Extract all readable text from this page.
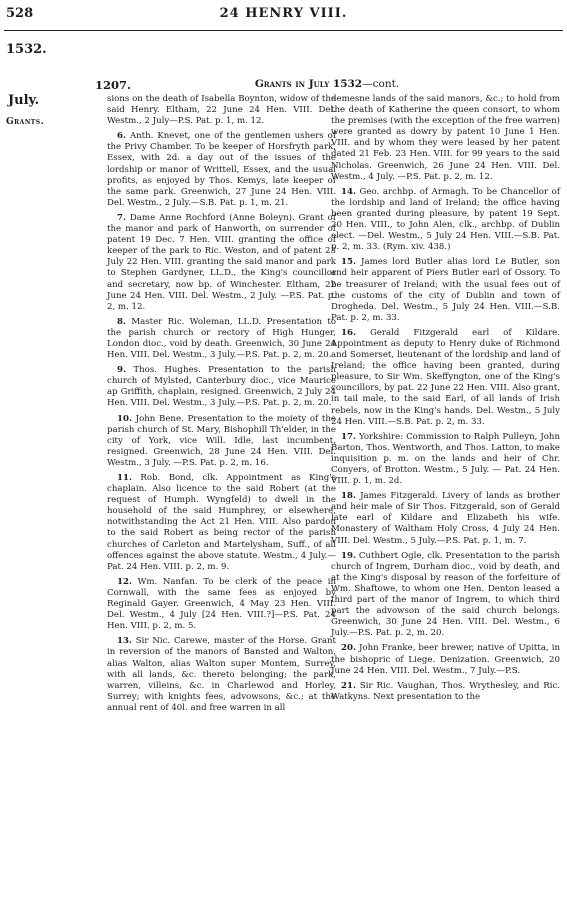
528	24 HENRY VIII.
1532.
July.
Grants.
1207.	Grants in July 1532—cont.

sions on the death of Isabella Boynton, widow of the said Henry. Eltham, 22 June 24 Hen. VIII. Del. Westm., 2 July—P.S. Pat. p. 1, m. 12.

6. Anth. Knevet, one of the gentlemen ushers of the Privy Chamber. To be keeper of Horsfryth park, Essex, with 2d. a day out of the issues of the lordship or manor of Writtell, Essex, and the usual profits, as enjoyed by Thos. Kemys, late keeper of the same park. Greenwich, 27 June 24 Hen. VIII. Del. Westm., 2 July.—S.B. Pat. p. 1, m. 21.

7. Dame Anne Rochford (Anne Boleyn). Grant of the manor and park of Hanworth, on surrender of patent 19 Dec. 7 Hen. VIII. granting the office of keeper of the park to Ric. Weston, and of patent 23 July 22 Hen. VIII. granting the said manor and park to Stephen Gardyner, LL.D., the King's councillor and secretary, now bp. of Winchester. Eltham, 22 June 24 Hen. VIII. Del. Westm., 2 July. —P.S. Pat. p. 2, m. 12.

8. Master Ric. Woleman, LL.D. Presentation to the parish church or rectory of High Hunger, London dioc., void by death. Greenwich, 30 June 24 Hen. VIII. Del. Westm., 3 July.—P.S. Pat. p. 2, m. 20.

9. Thos. Hughes. Presentation to the parish church of Mylsted, Canterbury dioc., vice Maurice ap Griffith, chaplain, resigned. Greenwich, 2 July 24 Hen. VIII. Del. Westm., 3 July.—P.S. Pat. p. 2, m. 20.

10. John Bene. Presentation to the moiety of the parish church of St. Mary, Bishophill Th'elder, in the city of York, vice Will. Idle, last incumbent, resigned. Greenwich, 28 June 24 Hen. VIII. Del. Westm., 3 July. —P.S. Pat. p. 2, m. 16.

11. Rob. Bond, clk. Appointment as King's chaplain. Also licence to the said Robert (at the request of Humph. Wyngfeld) to dwell in the household of the said Humphrey, or elsewhere, notwithstanding the Act 21 Hen. VIII. Also pardon to the said Robert as being rector of the parish churches of Carleton and Martelysham, Suff., of all offences against the above statute. Westm., 4 July.—Pat. 24 Hen. VIII. p. 2, m. 9.

12. Wm. Nanfan. To be clerk of the peace in Cornwall, with the same fees as enjoyed by Reginald Gayer. Greenwich, 4 May 23 Hen. VIII. Del. Westm., 4 July [24 Hen. VIII.?]—P.S. Pat. 24 Hen. VIII. p. 2, m. 5.

13. Sir Nic. Carewe, master of the Horse. Grant in reversion of the manors of Bansted and Walton, alias Walton, alias Walton super Montem, Surrey, with all lands, &c. thereto belonging; the park, warren, villeins, &c. in Charlewod and Horley, Surrey; with knights fees, advowsons, &c.; at the annual rent of 40l. and free warren in all

demesne lands of the said manors, &c.; to hold from the death of Katherine the queen consort, to whom the premises (with the exception of the free warren) were granted as dowry by patent 10 June 1 Hen. VIII. and by whom they were leased by her patent dated 21 Feb. 23 Hen. VIII. for 99 years to the said Nicholas. Greenwich, 26 June 24 Hen. VIII. Del. Westm., 4 July. —P.S. Pat. p. 2, m. 12.

14. Geo. archbp. of Armagh. To be Chancellor of the lordship and land of Ireland; the office having been granted during pleasure, by patent 19 Sept. 20 Hen. VIII., to John Alen, clk., archbp. of Dublin elect. —Del. Westm., 5 July 24 Hen. VIII.—S.B. Pat. p. 2, m. 33. (Rym. xiv. 438.)

15. James lord Butler alias lord Le Butler, son and heir apparent of Piers Butler earl of Ossory. To be treasurer of Ireland; with the usual fees out of the customs of the city of Dublin and town of Drogheda. Del. Westm., 5 July 24 Hen. VIII.—S.B. Pat. p. 2, m. 33.

16. Gerald Fitzgerald earl of Kildare. Appointment as deputy to Henry duke of Richmond and Somerset, lieutenant of the lordship and land of Ireland; the office having been granted, during pleasure, to Sir Wm. Skeffyngton, one of the King's councillors, by pat. 22 June 22 Hen. VIII. Also grant, in tail male, to the said Earl, of all lands of Irish rebels, now in the King's hands. Del. Westm., 5 July 24 Hen. VIII.—S.B. Pat. p. 2, m. 33.

17. Yorkshire: Commission to Ralph Pulleyn, John Barton, Thos. Wentworth, and Thos. Latton, to make inquisition p. m. on the lands and heir of Chr. Conyers, of Brotton. Westm., 5 July. — Pat. 24 Hen. VIII. p. 1, m. 2d.

18. James Fitzgerald. Livery of lands as brother and heir male of Sir Thos. Fitzgerald, son of Gerald late earl of Kildare and Elizabeth his wife. Monastery of Waltham Holy Cross, 4 July 24 Hen. VIII. Del. Westm., 5 July.—P.S. Pat. p. 1, m. 7.

19. Cuthbert Ogle, clk. Presentation to the parish church of Ingrem, Durham dioc., void by death, and at the King's disposal by reason of the forfeiture of Wm. Shaftowe, to whom one Hen. Denton leased a third part of the manor of Ingrem, to which third part the advowson of the said church belongs. Greenwich, 30 June 24 Hen. VIII. Del. Westm., 6 July.—P.S. Pat. p. 2, m. 20.

20. John Franke, beer brewer, native of Upitta, in the bishopric of Liege. Denization. Greenwich, 20 June 24 Hen. VIII. Del. Westm., 7 July.—P.S.

21. Sir Ric. Vaughan, Thos. Wrythesley, and Ric. Watkyns. Next presentation to the
